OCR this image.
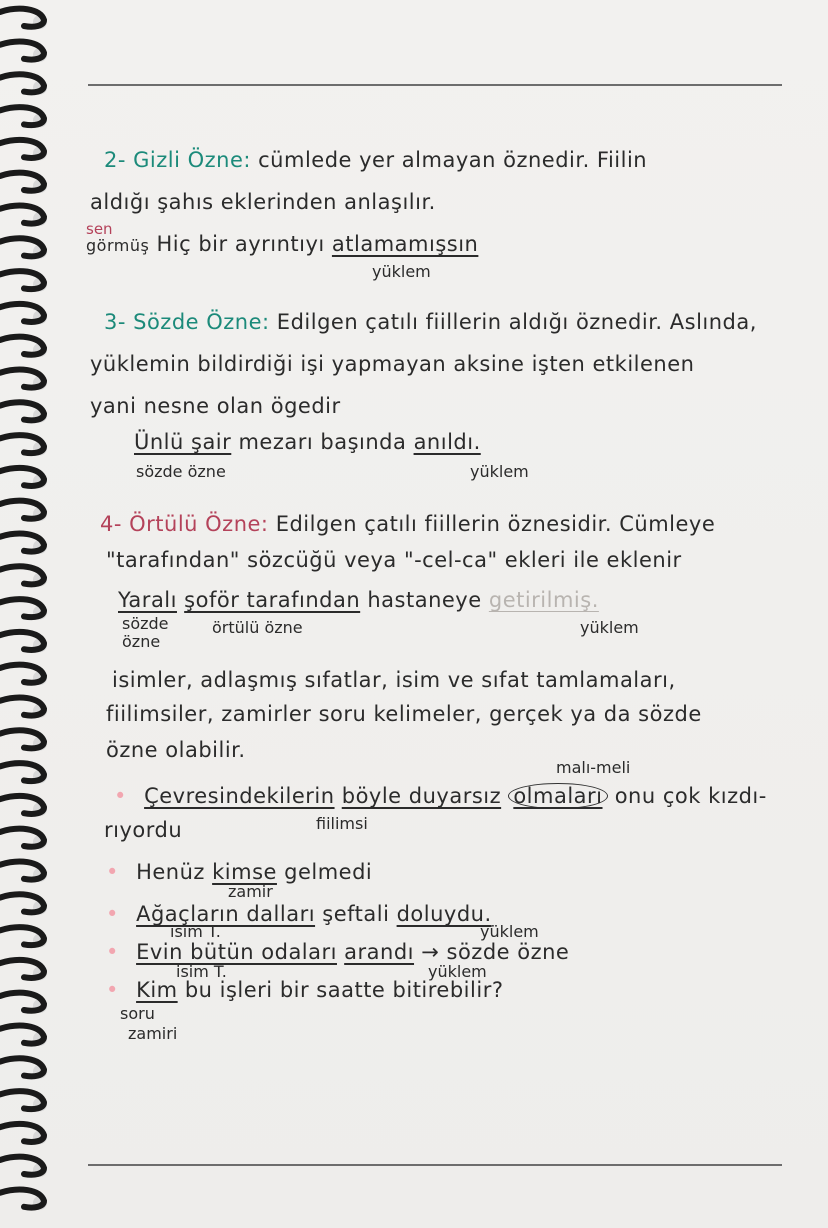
2- Gizli Özne: cümlede yer almayan öznedir. Fiilin
aldığı şahıs eklerinden anlaşılır.
sen
görmüş Hiç bir ayrıntıyı atlamamışsın
yüklem
3- Sözde Özne: Edilgen çatılı fiillerin aldığı öznedir. Aslında,
yüklemin bildirdiği işi yapmayan aksine işten etkilenen
yani nesne olan ögedir
Ünlü şair mezarı başında anıldı.
sözde özne	yüklem
4- Örtülü Özne: Edilgen çatılı fiillerin öznesidir. Cümleye
"tarafından" sözcüğü veya "-cel-ca" ekleri ile eklenir
Yaralı şoför tarafından hastaneye getirilmiş.
sözde
özne
örtülü özne	yüklem
isimler, adlaşmış sıfatlar, isim ve sıfat tamlamaları,
fiilimsiler, zamirler soru kelimeler, gerçek ya da sözde
özne olabilir.
malı-meli
• Çevresindekilerin böyle duyarsız olmaları onu çok kızdı-
rıyordu	fiilimsi
• Henüz kimse gelmedi
zamir
• Ağaçların dalları şeftali doluydu.
isim T.	yüklem
• Evin bütün odaları arandı → sözde özne
isim T.	yüklem
• Kim bu işleri bir saatte bitirebilir?
soru
zamiri
